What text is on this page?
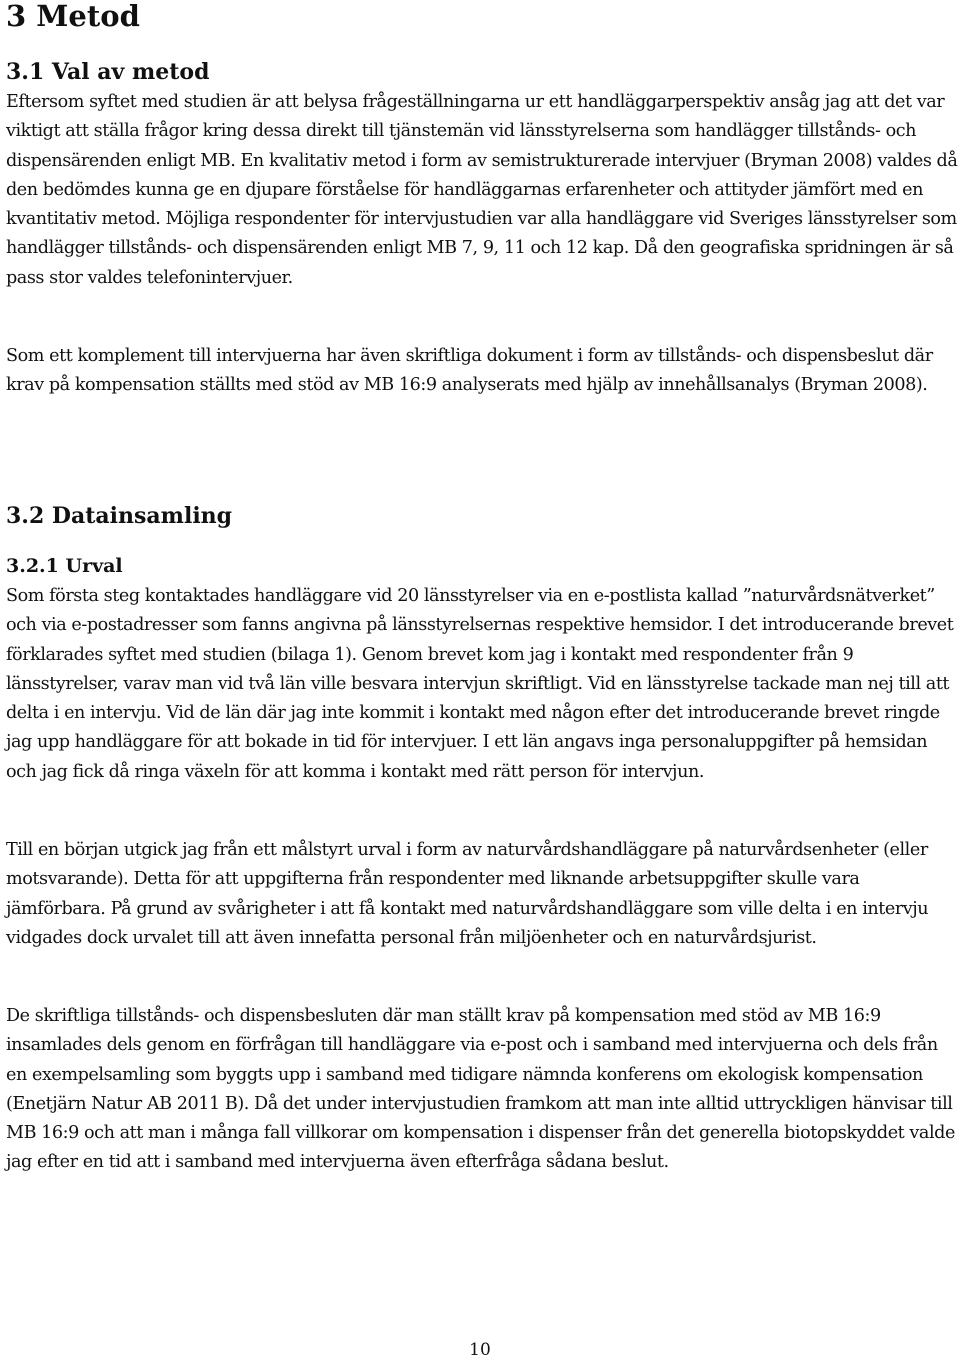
3 Metod
3.1 Val av metod

Eftersom syftet med studien är att belysa frågeställningarna ur ett handläggarperspektiv ansåg jag att det var viktigt att ställa frågor kring dessa direkt till tjänstemän vid länsstyrelserna som handlägger tillstånds- och dispensärenden enligt MB. En kvalitativ metod i form av semistrukturerade intervjuer (Bryman 2008) valdes då den bedömdes kunna ge en djupare förståelse för handläggarnas erfarenheter och attityder jämfört med en kvantitativ metod. Möjliga respondenter för intervjustudien var alla handläggare vid Sveriges länsstyrelser som handlägger tillstånds- och dispensärenden enligt MB 7, 9, 11 och 12 kap. Då den geografiska spridningen är så pass stor valdes telefonintervjuer.

Som ett komplement till intervjuerna har även skriftliga dokument i form av tillstånds- och dispensbeslut där krav på kompensation ställts med stöd av MB 16:9 analyserats med hjälp av innehållsanalys (Bryman 2008).

3.2 Datainsamling
3.2.1 Urval

Som första steg kontaktades handläggare vid 20 länsstyrelser via en e-postlista kallad ”naturvårdsnätverket” och via e-postadresser som fanns angivna på länsstyrelsernas respektive hemsidor. I det introducerande brevet förklarades syftet med studien (bilaga 1). Genom brevet kom jag i kontakt med respondenter från 9 länsstyrelser, varav man vid två län ville besvara intervjun skriftligt. Vid en länsstyrelse tackade man nej till att delta i en intervju. Vid de län där jag inte kommit i kontakt med någon efter det introducerande brevet ringde jag upp handläggare för att bokade in tid för intervjuer. I ett län angavs inga personaluppgifter på hemsidan och jag fick då ringa växeln för att komma i kontakt med rätt person för intervjun.

Till en början utgick jag från ett målstyrt urval i form av naturvårdshandläggare på naturvårdsenheter (eller motsvarande). Detta för att uppgifterna från respondenter med liknande arbetsuppgifter skulle vara jämförbara. På grund av svårigheter i att få kontakt med naturvårdshandläggare som ville delta i en intervju vidgades dock urvalet till att även innefatta personal från miljöenheter och en naturvårdsjurist.

De skriftliga tillstånds- och dispensbesluten där man ställt krav på kompensation med stöd av MB 16:9 insamlades dels genom en förfrågan till handläggare via e-post och i samband med intervjuerna och dels från en exempelsamling som byggts upp i samband med tidigare nämnda konferens om ekologisk kompensation (Enetjärn Natur AB 2011 B). Då det under intervjustudien framkom att man inte alltid uttryckligen hänvisar till MB 16:9 och att man i många fall villkorar om kompensation i dispenser från det generella biotopskyddet valde jag efter en tid att i samband med intervjuerna även efterfråga sådana beslut.

10
